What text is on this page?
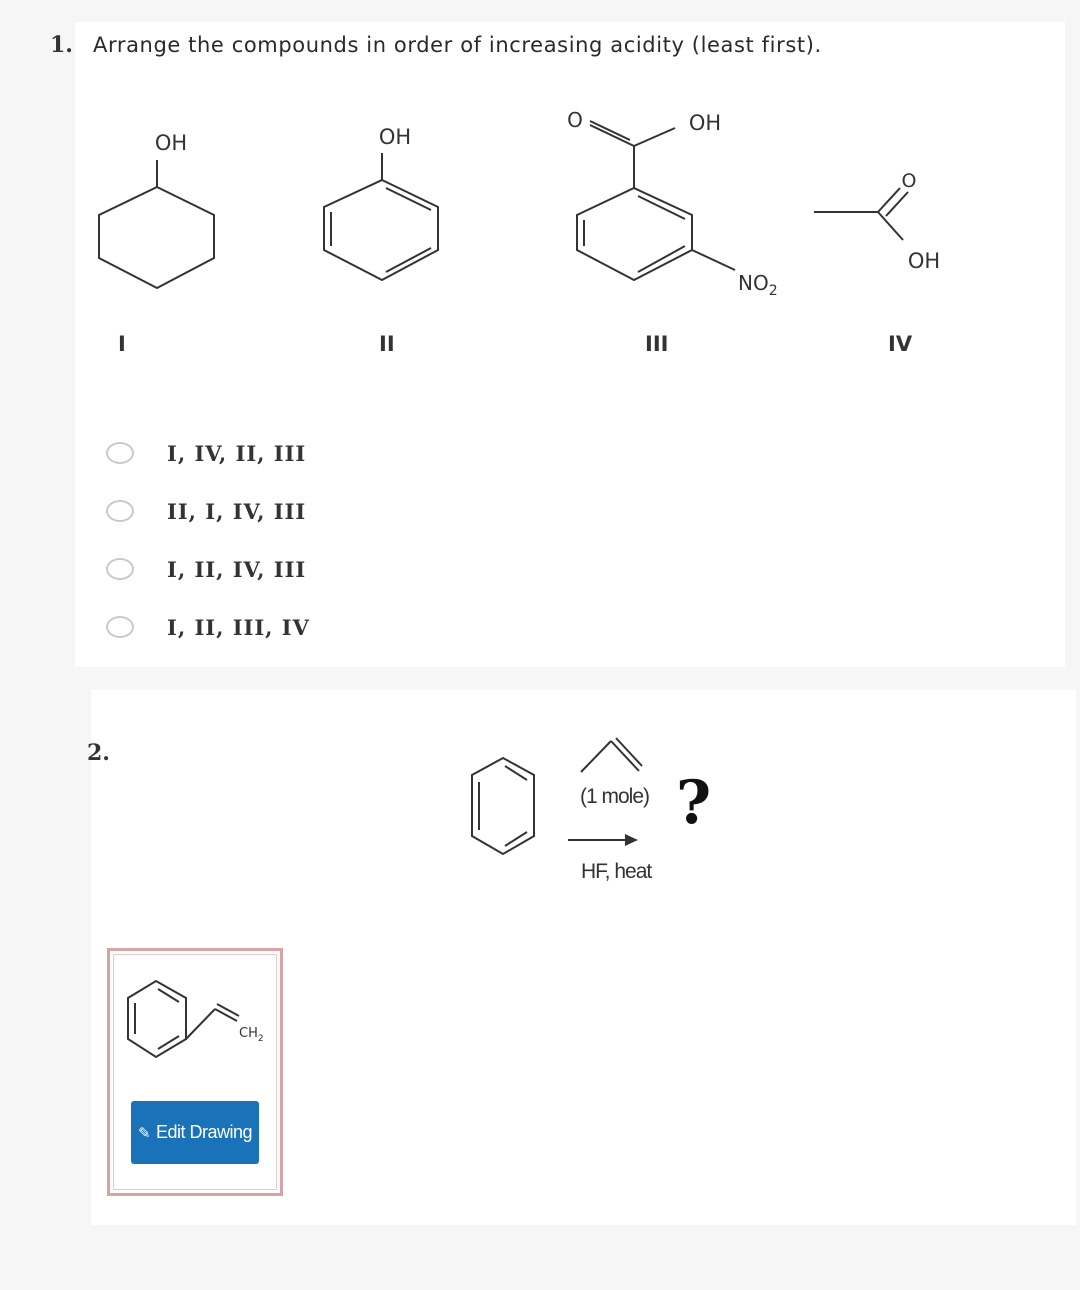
1. Arrange the compounds in order of increasing acidity (least first).
OH	OH
O	OH
$NO_2$
O
OH
I	II	III	IV
I, IV, II, III
II, I, IV, III
I, II, IV, III
I, II, III, IV
2.
(1 mole)
HF, heat
?
$CH_2$
✎ Edit Drawing
